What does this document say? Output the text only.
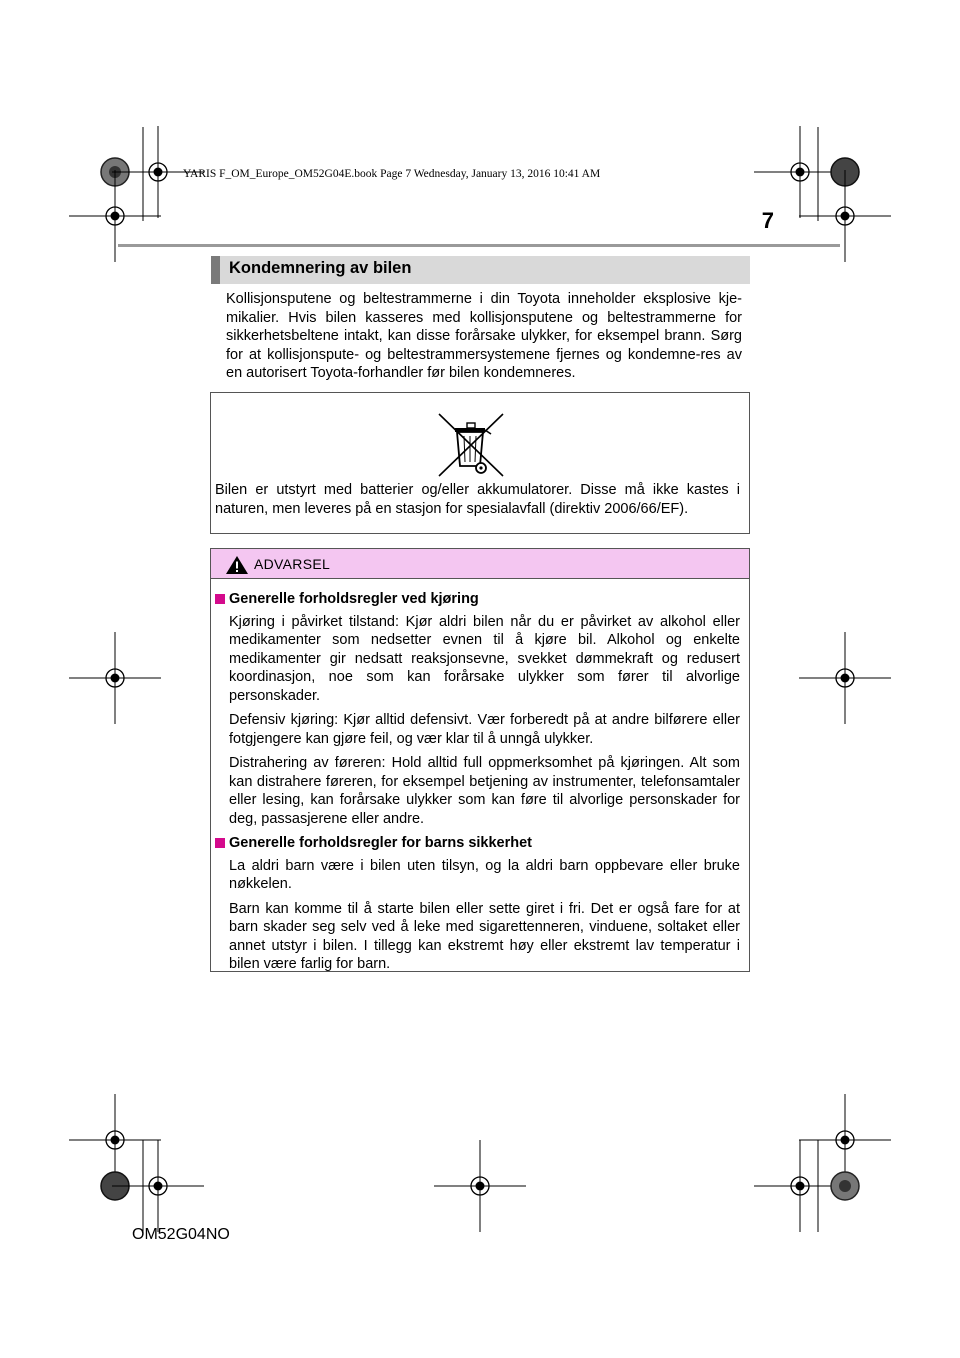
YARIS F_OM_Europe_OM52G04E.book Page 7 Wednesday, January 13, 2016 10:41 AM
7
Kondemnering av bilen
Kollisjonsputene og beltestrammerne i din Toyota inneholder eksplosive kje-mikalier. Hvis bilen kasseres med kollisjonsputene og beltestrammerne for sikkerhetsbeltene intakt, kan disse forårsake ulykker, for eksempel brann. Sørg for at kollisjonspute- og beltestrammersystemene fjernes og kondemne-res av en autorisert Toyota-forhandler før bilen kondemneres.
Bilen er utstyrt med batterier og/eller akkumulatorer. Disse må ikke kastes i naturen, men leveres på en stasjon for spesialavfall (direktiv 2006/66/EF).
ADVARSEL
Generelle forholdsregler ved kjøring

Kjøring i påvirket tilstand: Kjør aldri bilen når du er påvirket av alkohol eller medikamenter som nedsetter evnen til å kjøre bil. Alkohol og enkelte medikamenter gir nedsatt reaksjonsevne, svekket dømmekraft og redusert koordinasjon, noe som kan forårsake ulykker som fører til alvorlige personskader.

Defensiv kjøring: Kjør alltid defensivt. Vær forberedt på at andre bilførere eller fotgjengere kan gjøre feil, og vær klar til å unngå ulykker.

Distrahering av føreren: Hold alltid full oppmerksomhet på kjøringen. Alt som kan distrahere føreren, for eksempel betjening av instrumenter, telefonsamtaler eller lesing, kan forårsake ulykker som kan føre til alvorlige personskader for deg, passasjerene eller andre.

Generelle forholdsregler for barns sikkerhet

La aldri barn være i bilen uten tilsyn, og la aldri barn oppbevare eller bruke nøkkelen.

Barn kan komme til å starte bilen eller sette giret i fri. Det er også fare for at barn skader seg selv ved å leke med sigarettenneren, vinduene, soltaket eller annet utstyr i bilen. I tillegg kan ekstremt høy eller ekstremt lav temperatur i bilen være farlig for barn.

OM52G04NO
